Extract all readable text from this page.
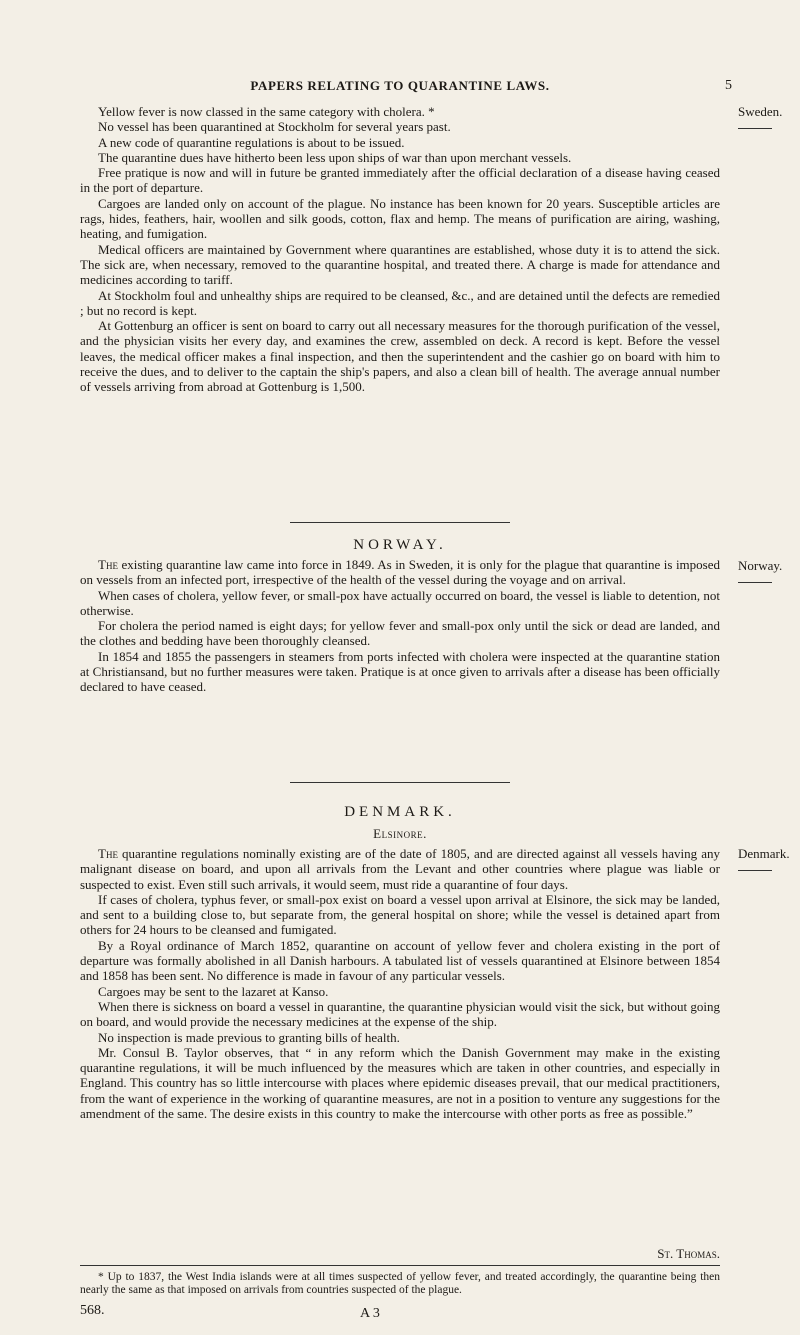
PAPERS RELATING TO QUARANTINE LAWS.	5
Sweden.

Yellow fever is now classed in the same category with cholera. *

No vessel has been quarantined at Stockholm for several years past.

A new code of quarantine regulations is about to be issued.

The quarantine dues have hitherto been less upon ships of war than upon merchant vessels.

Free pratique is now and will in future be granted immediately after the official declaration of a disease having ceased in the port of departure.

Cargoes are landed only on account of the plague. No instance has been known for 20 years. Susceptible articles are rags, hides, feathers, hair, woollen and silk goods, cotton, flax and hemp. The means of purification are airing, washing, heating, and fumigation.

Medical officers are maintained by Government where quarantines are established, whose duty it is to attend the sick. The sick are, when necessary, removed to the quarantine hospital, and treated there. A charge is made for attendance and medicines according to tariff.

At Stockholm foul and unhealthy ships are required to be cleansed, &c., and are detained until the defects are remedied ; but no record is kept.

At Gottenburg an officer is sent on board to carry out all necessary measures for the thorough purification of the vessel, and the physician visits her every day, and examines the crew, assembled on deck. A record is kept. Before the vessel leaves, the medical officer makes a final inspection, and then the superintendent and the cashier go on board with him to receive the dues, and to deliver to the captain the ship's papers, and also a clean bill of health. The average annual number of vessels arriving from abroad at Gottenburg is 1,500.

NORWAY.
Norway.

The existing quarantine law came into force in 1849. As in Sweden, it is only for the plague that quarantine is imposed on vessels from an infected port, irrespective of the health of the vessel during the voyage and on arrival.

When cases of cholera, yellow fever, or small-pox have actually occurred on board, the vessel is liable to detention, not otherwise.

For cholera the period named is eight days; for yellow fever and small-pox only until the sick or dead are landed, and the clothes and bedding have been thoroughly cleansed.

In 1854 and 1855 the passengers in steamers from ports infected with cholera were inspected at the quarantine station at Christiansand, but no further measures were taken. Pratique is at once given to arrivals after a disease has been officially declared to have ceased.

DENMARK.
Elsinore.
Denmark.

The quarantine regulations nominally existing are of the date of 1805, and are directed against all vessels having any malignant disease on board, and upon all arrivals from the Levant and other countries where plague was liable or suspected to exist. Even still such arrivals, it would seem, must ride a quarantine of four days.

If cases of cholera, typhus fever, or small-pox exist on board a vessel upon arrival at Elsinore, the sick may be landed, and sent to a building close to, but separate from, the general hospital on shore; while the vessel is detained apart from others for 24 hours to be cleansed and fumigated.

By a Royal ordinance of March 1852, quarantine on account of yellow fever and cholera existing in the port of departure was formally abolished in all Danish harbours. A tabulated list of vessels quarantined at Elsinore between 1854 and 1858 has been sent. No difference is made in favour of any particular vessels.

Cargoes may be sent to the lazaret at Kanso.

When there is sickness on board a vessel in quarantine, the quarantine physician would visit the sick, but without going on board, and would provide the necessary medicines at the expense of the ship.

No inspection is made previous to granting bills of health.

Mr. Consul B. Taylor observes, that “ in any reform which the Danish Government may make in the existing quarantine regulations, it will be much influenced by the measures which are taken in other countries, and especially in England. This country has so little intercourse with places where epidemic diseases prevail, that our medical practitioners, from the want of experience in the working of quarantine measures, are not in a position to venture any suggestions for the amendment of the same. The desire exists in this country to make the intercourse with other ports as free as possible.”

St. Thomas.

* Up to 1837, the West India islands were at all times suspected of yellow fever, and treated accordingly, the quarantine being then nearly the same as that imposed on arrivals from countries suspected of the plague.

568.	A 3
